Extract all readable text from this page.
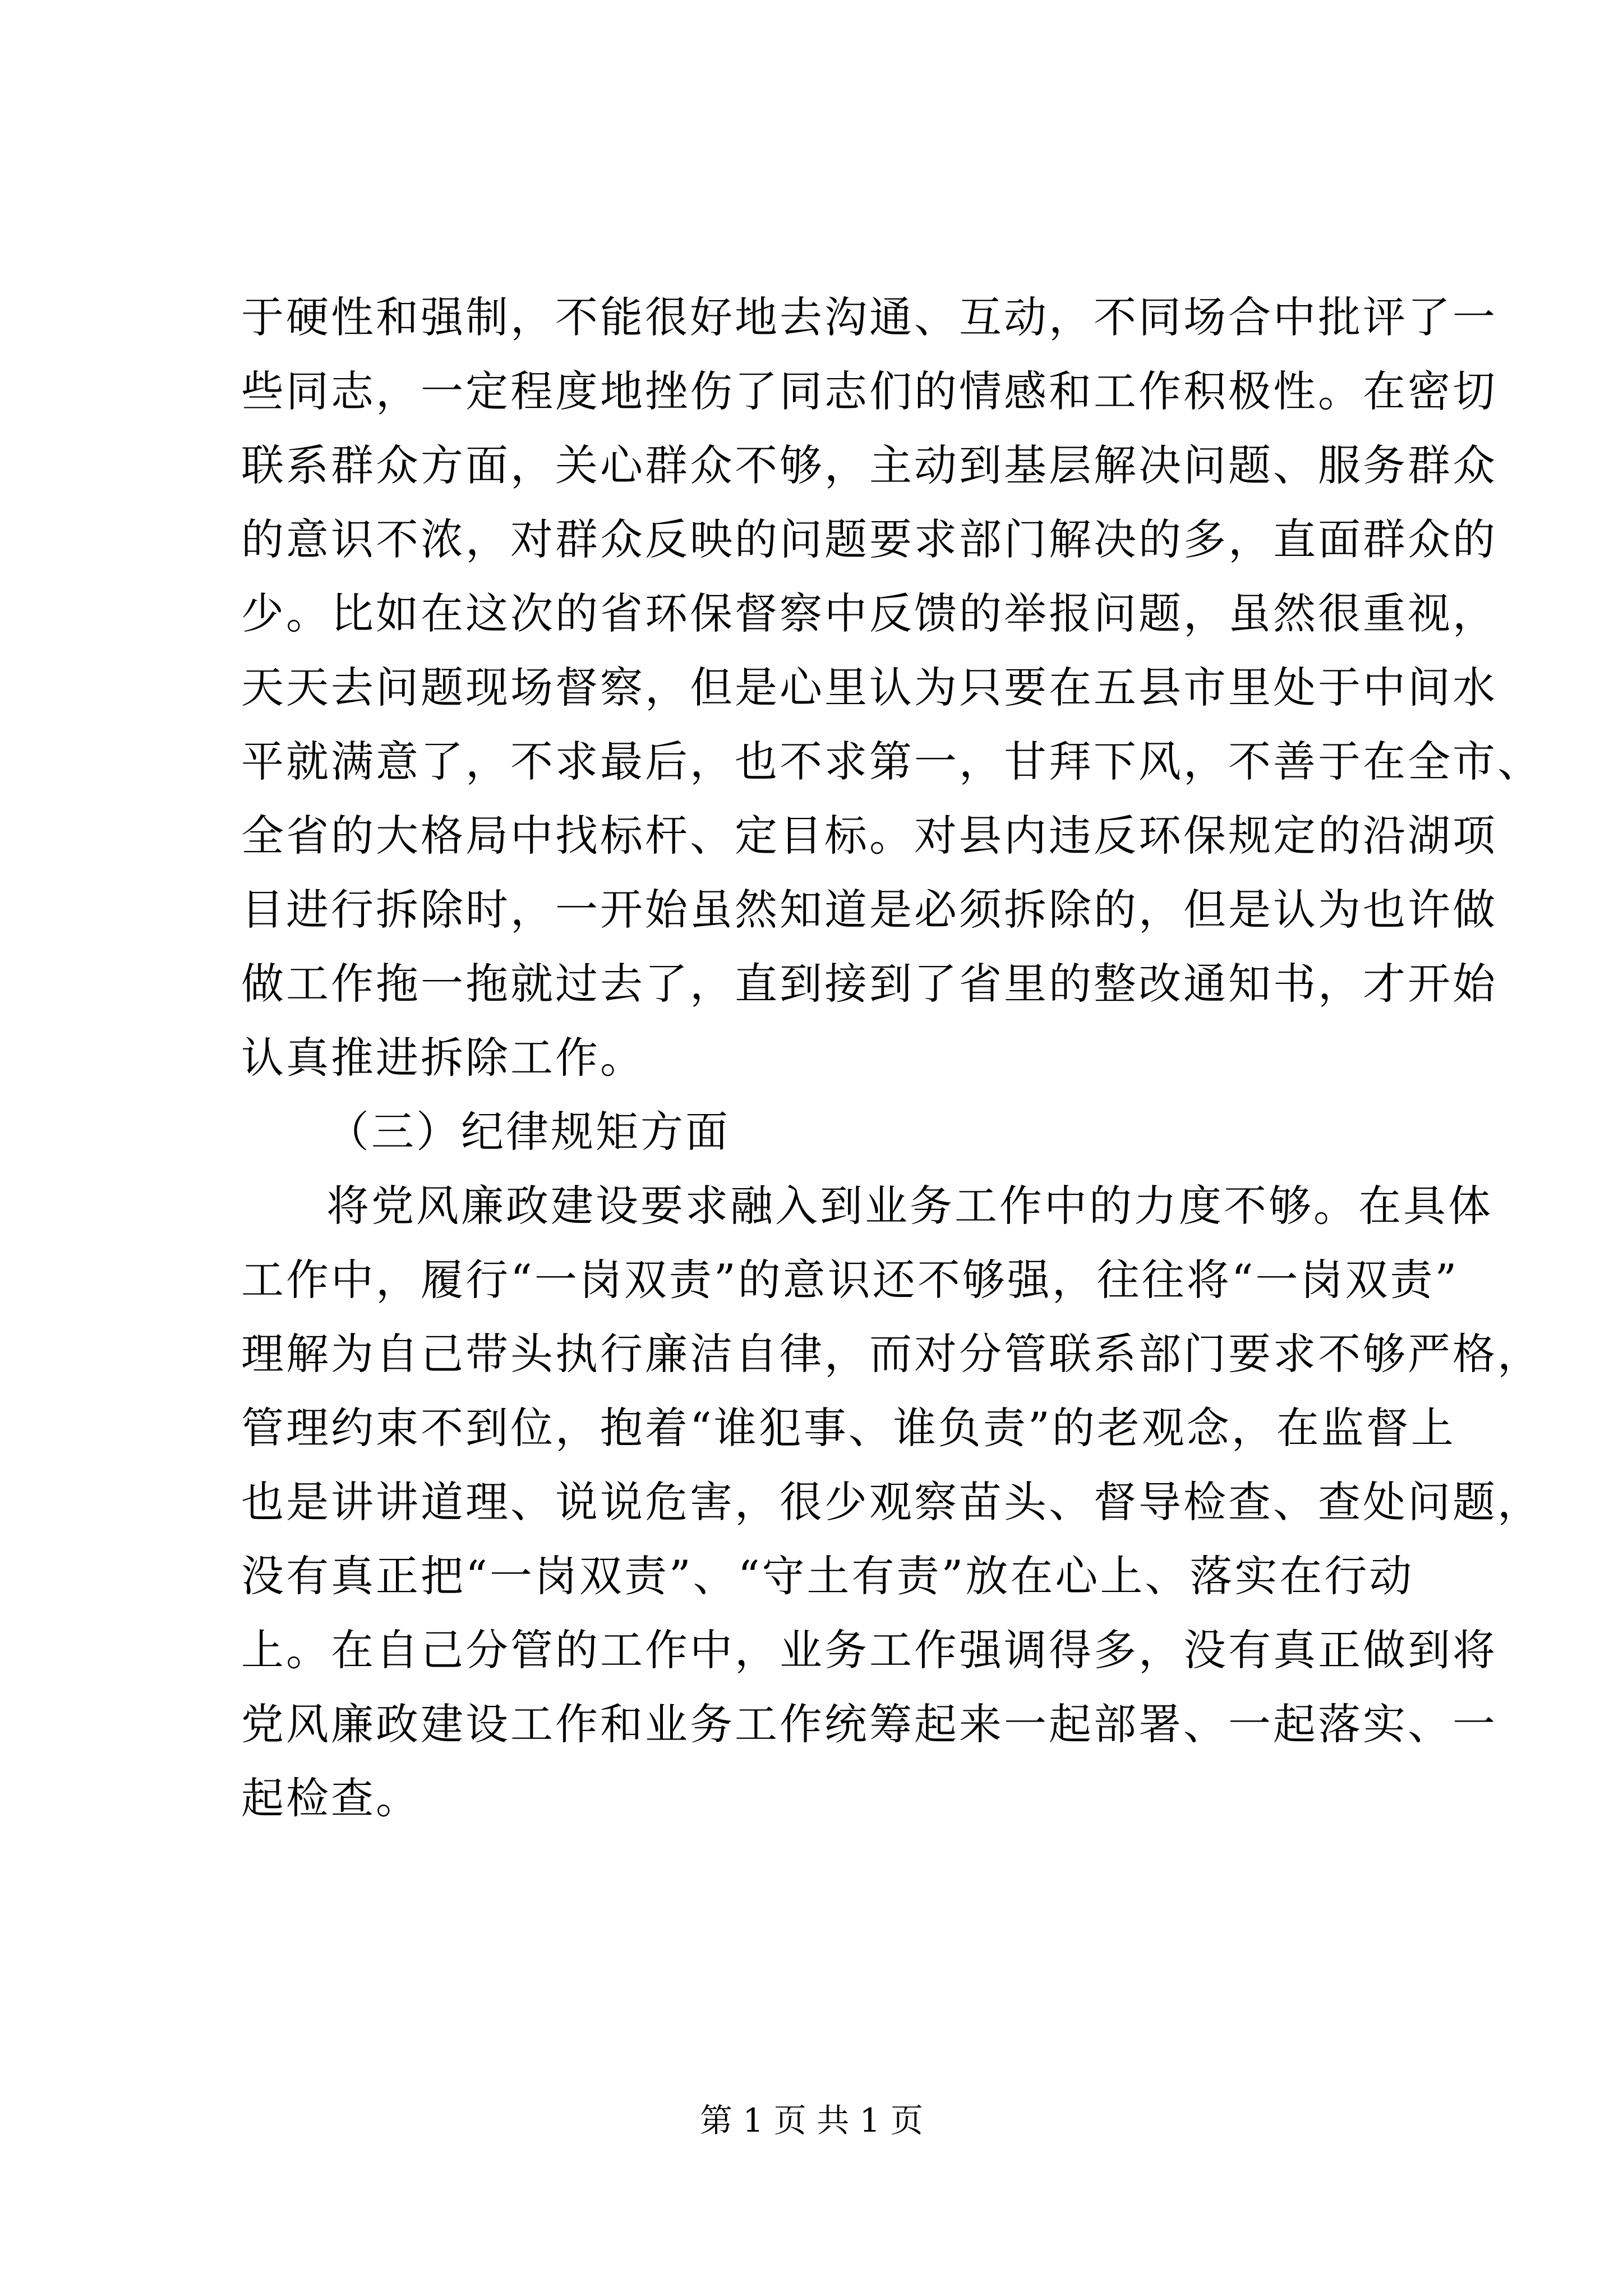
于硬性和强制，不能很好地去沟通、互动，不同场合中批评了一
些同志，一定程度地挫伤了同志们的情感和工作积极性。在密切
联系群众方面，关心群众不够，主动到基层解决问题、服务群众
的意识不浓，对群众反映的问题要求部门解决的多，直面群众的
少。比如在这次的省环保督察中反馈的举报问题，虽然很重视，
天天去问题现场督察，但是心里认为只要在五县市里处于中间水
平就满意了，不求最后，也不求第一，甘拜下风，不善于在全市、
全省的大格局中找标杆、定目标。对县内违反环保规定的沿湖项
目进行拆除时，一开始虽然知道是必须拆除的，但是认为也许做
做工作拖一拖就过去了，直到接到了省里的整改通知书，才开始
认真推进拆除工作。
（三）纪律规矩方面
将党风廉政建设要求融入到业务工作中的力度不够。在具体
工作中，履行“一岗双责”的意识还不够强，往往将“一岗双责”
理解为自己带头执行廉洁自律，而对分管联系部门要求不够严格，
管理约束不到位，抱着“谁犯事、谁负责”的老观念，在监督上
也是讲讲道理、说说危害，很少观察苗头、督导检查、查处问题，
没有真正把“一岗双责”、“守土有责”放在心上、落实在行动
上。在自己分管的工作中，业务工作强调得多，没有真正做到将
党风廉政建设工作和业务工作统筹起来一起部署、一起落实、一
起检查。
第 1 页 共 1 页
